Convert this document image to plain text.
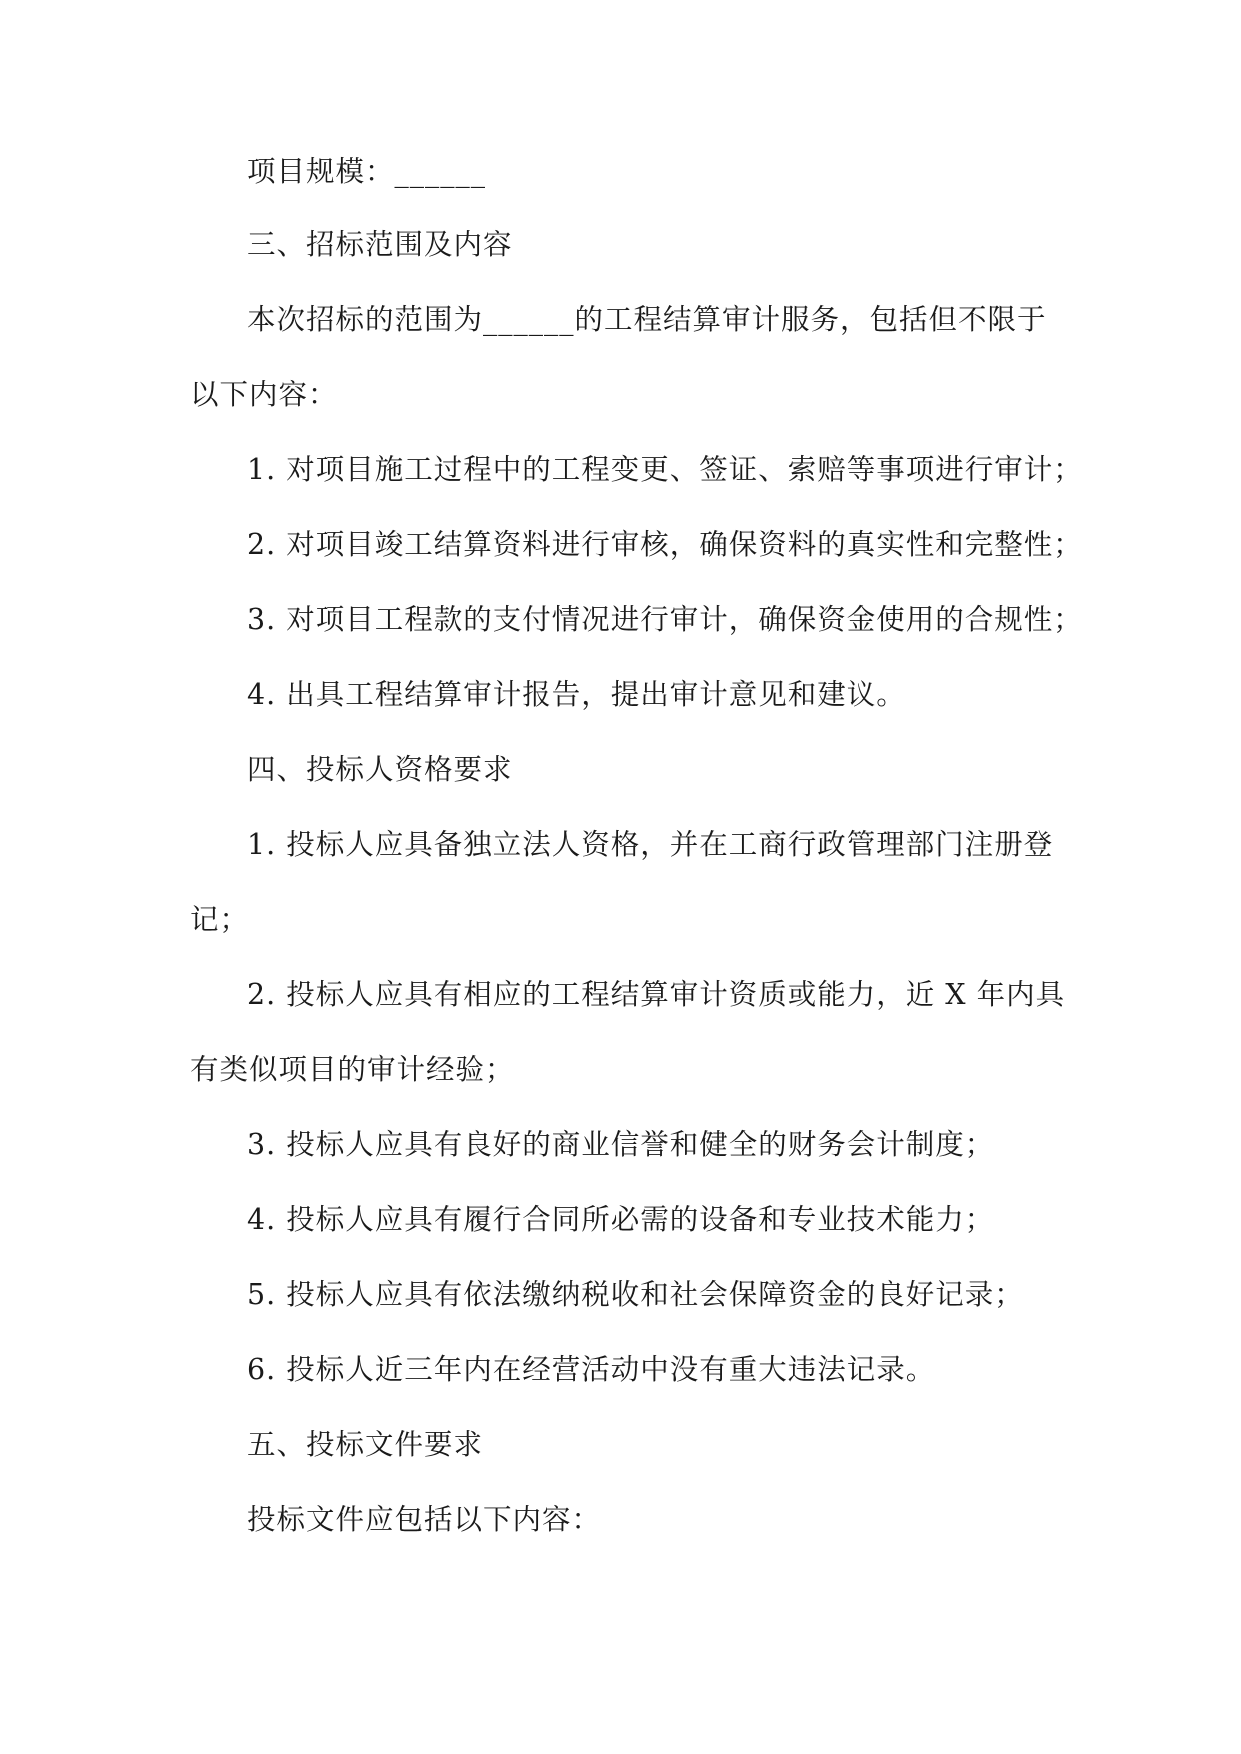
项目规模：______
三、招标范围及内容
本次招标的范围为______的工程结算审计服务，包括但不限于
以下内容：
1. 对项目施工过程中的工程变更、签证、索赔等事项进行审计；
2. 对项目竣工结算资料进行审核，确保资料的真实性和完整性；
3. 对项目工程款的支付情况进行审计，确保资金使用的合规性；
4. 出具工程结算审计报告，提出审计意见和建议。
四、投标人资格要求
1. 投标人应具备独立法人资格，并在工商行政管理部门注册登
记；
2. 投标人应具有相应的工程结算审计资质或能力，近 X 年内具
有类似项目的审计经验；
3. 投标人应具有良好的商业信誉和健全的财务会计制度；
4. 投标人应具有履行合同所必需的设备和专业技术能力；
5. 投标人应具有依法缴纳税收和社会保障资金的良好记录；
6. 投标人近三年内在经营活动中没有重大违法记录。
五、投标文件要求
投标文件应包括以下内容：
